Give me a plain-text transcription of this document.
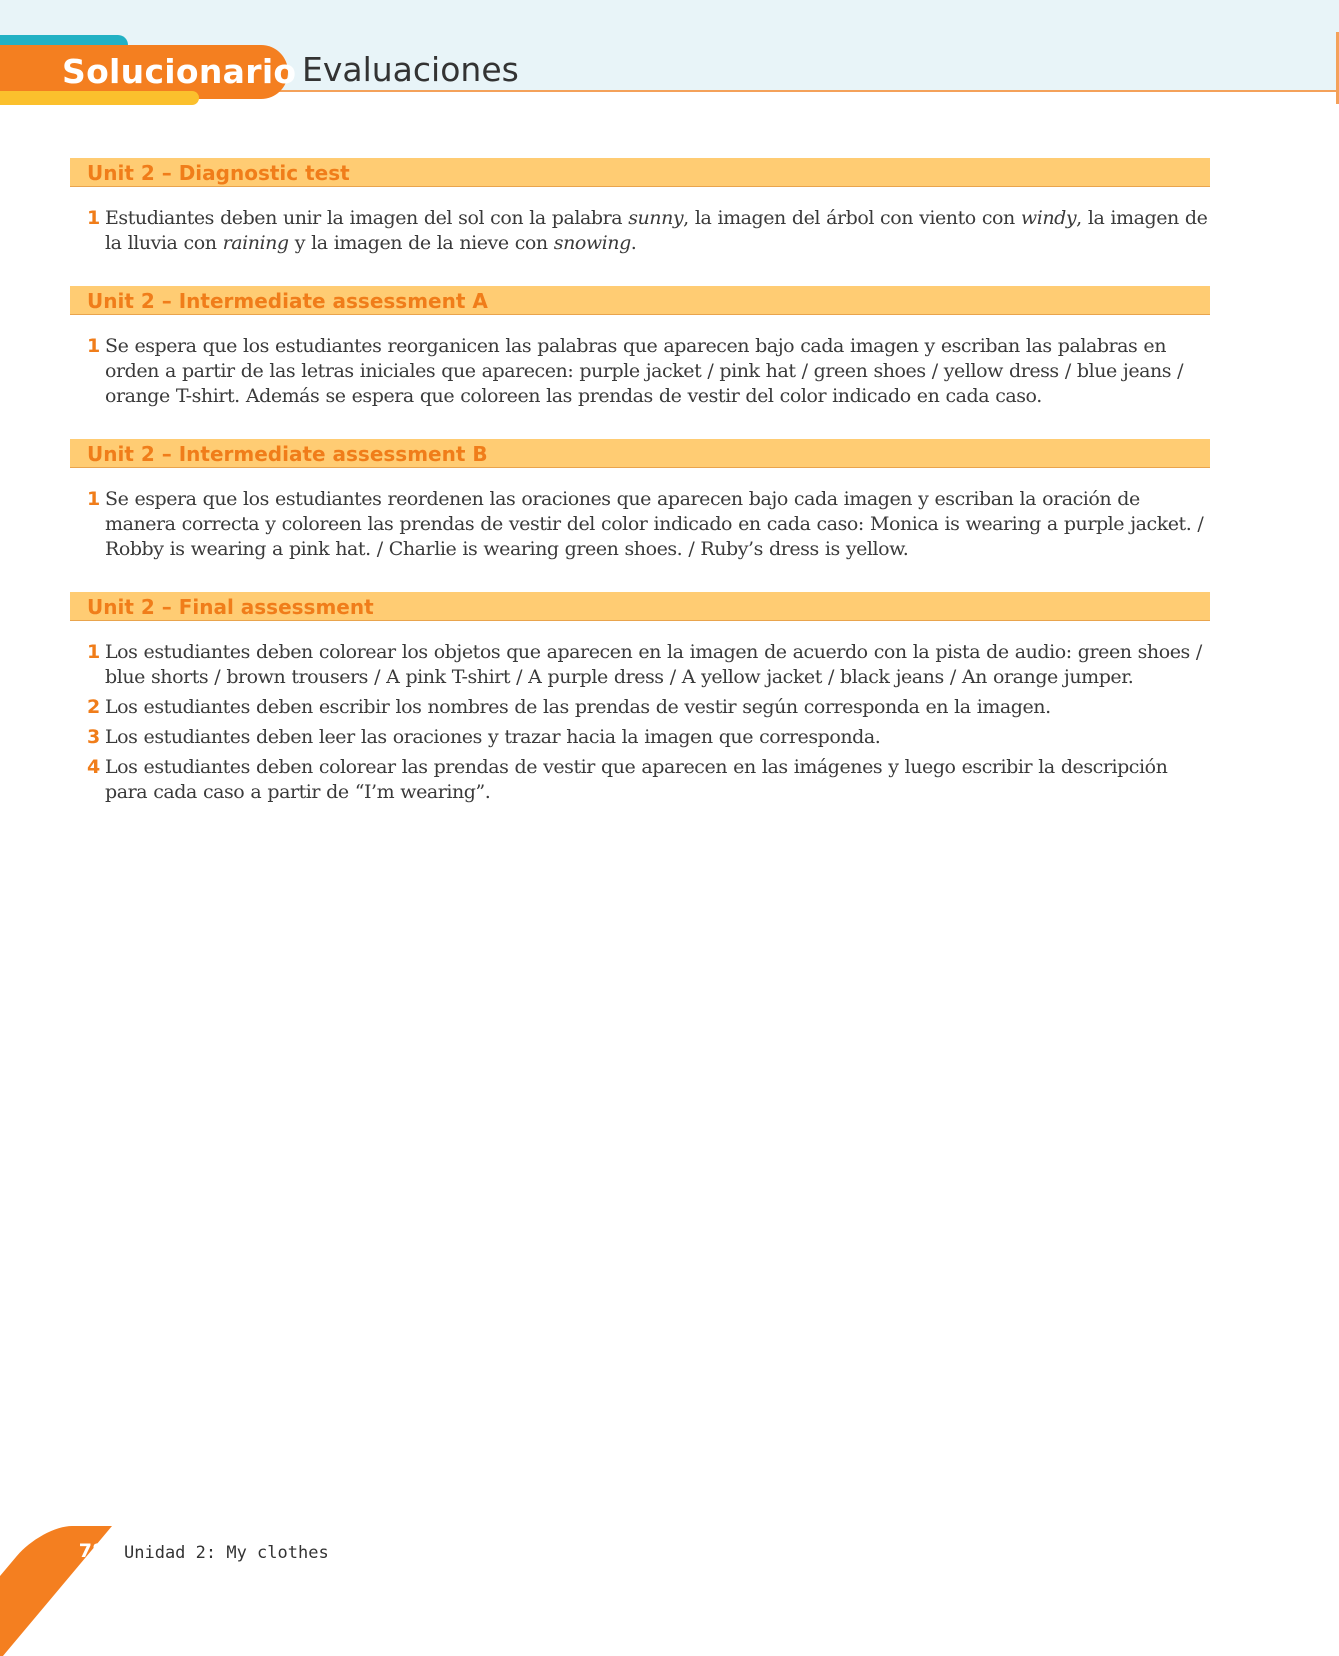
Solucionario Evaluaciones
Unit 2 – Diagnostic test
1 Estudiantes deben unir la imagen del sol con la palabra sunny, la imagen del árbol con viento con windy, la imagen de la lluvia con raining y la imagen de la nieve con snowing.
Unit 2 – Intermediate assessment A
1 Se espera que los estudiantes reorganicen las palabras que aparecen bajo cada imagen y escriban las palabras en orden a partir de las letras iniciales que aparecen: purple jacket / pink hat / green shoes / yellow dress / blue jeans / orange T-shirt. Además se espera que coloreen las prendas de vestir del color indicado en cada caso.
Unit 2 – Intermediate assessment B
1 Se espera que los estudiantes reordenen las oraciones que aparecen bajo cada imagen y escriban la oración de manera correcta y coloreen las prendas de vestir del color indicado en cada caso: Monica is wearing a purple jacket. / Robby is wearing a pink hat. / Charlie is wearing green shoes. / Ruby’s dress is yellow.
Unit 2 – Final assessment
1 Los estudiantes deben colorear los objetos que aparecen en la imagen de acuerdo con la pista de audio: green shoes / blue shorts / brown trousers / A pink T-shirt / A purple dress / A yellow jacket / black jeans / An orange jumper.
2 Los estudiantes deben escribir los nombres de las prendas de vestir según corresponda en la imagen.
3 Los estudiantes deben leer las oraciones y trazar hacia la imagen que corresponda.
4 Los estudiantes deben colorear las prendas de vestir que aparecen en las imágenes y luego escribir la descripción para cada caso a partir de “I’m wearing”.
78	Unidad 2: My clothes
